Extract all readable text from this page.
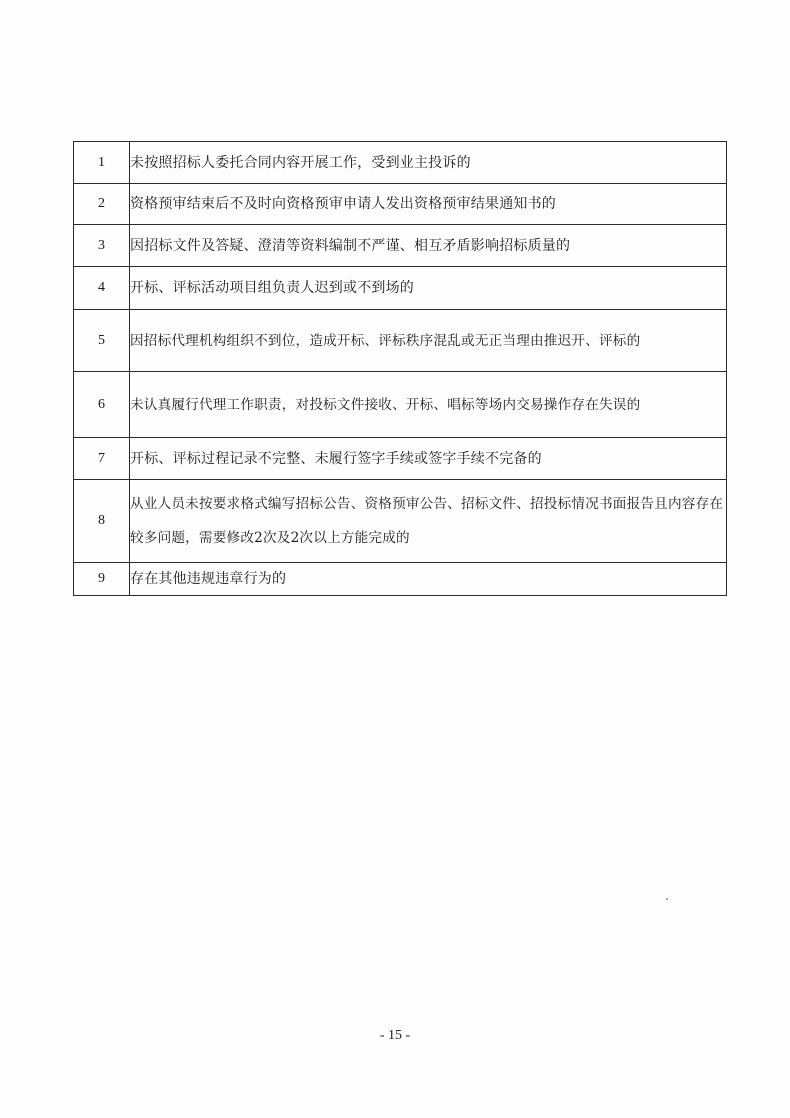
1	未按照招标人委托合同内容开展工作，受到业主投诉的
2	资格预审结束后不及时向资格预审申请人发出资格预审结果通知书的
3	因招标文件及答疑、澄清等资料编制不严谨、相互矛盾影响招标质量的
4	开标、评标活动项目组负责人迟到或不到场的
5	因招标代理机构组织不到位，造成开标、评标秩序混乱或无正当理由推迟开、评标的
6	未认真履行代理工作职责，对投标文件接收、开标、唱标等场内交易操作存在失误的
7	开标、评标过程记录不完整、未履行签字手续或签字手续不完备的
8	从业人员未按要求格式编写招标公告、资格预审公告、招标文件、招投标情况书面报告且内容存在较多问题，需要修改2次及2次以上方能完成的
9	存在其他违规违章行为的
- 15 -
